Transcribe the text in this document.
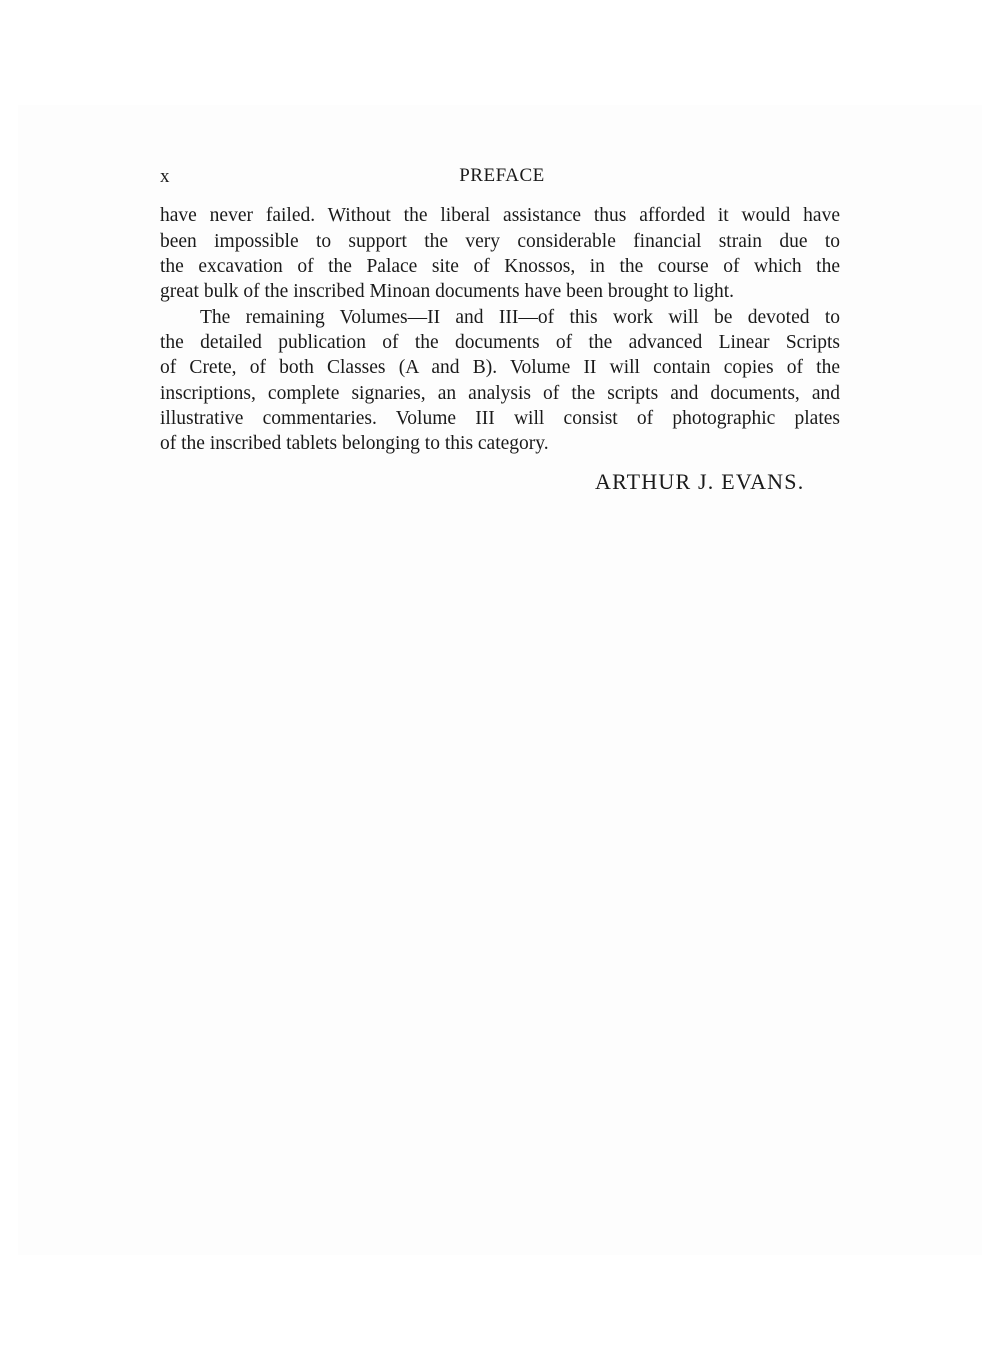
x	PREFACE
have never failed. Without the liberal assistance thus afforded it would have
been impossible to support the very considerable financial strain due to
the excavation of the Palace site of Knossos, in the course of which the
great bulk of the inscribed Minoan documents have been brought to light.
The remaining Volumes—II and III—of this work will be devoted to
the detailed publication of the documents of the advanced Linear Scripts
of Crete, of both Classes (A and B). Volume II will contain copies of the
inscriptions, complete signaries, an analysis of the scripts and documents, and
illustrative commentaries. Volume III will consist of photographic plates
of the inscribed tablets belonging to this category.
ARTHUR J. EVANS.
